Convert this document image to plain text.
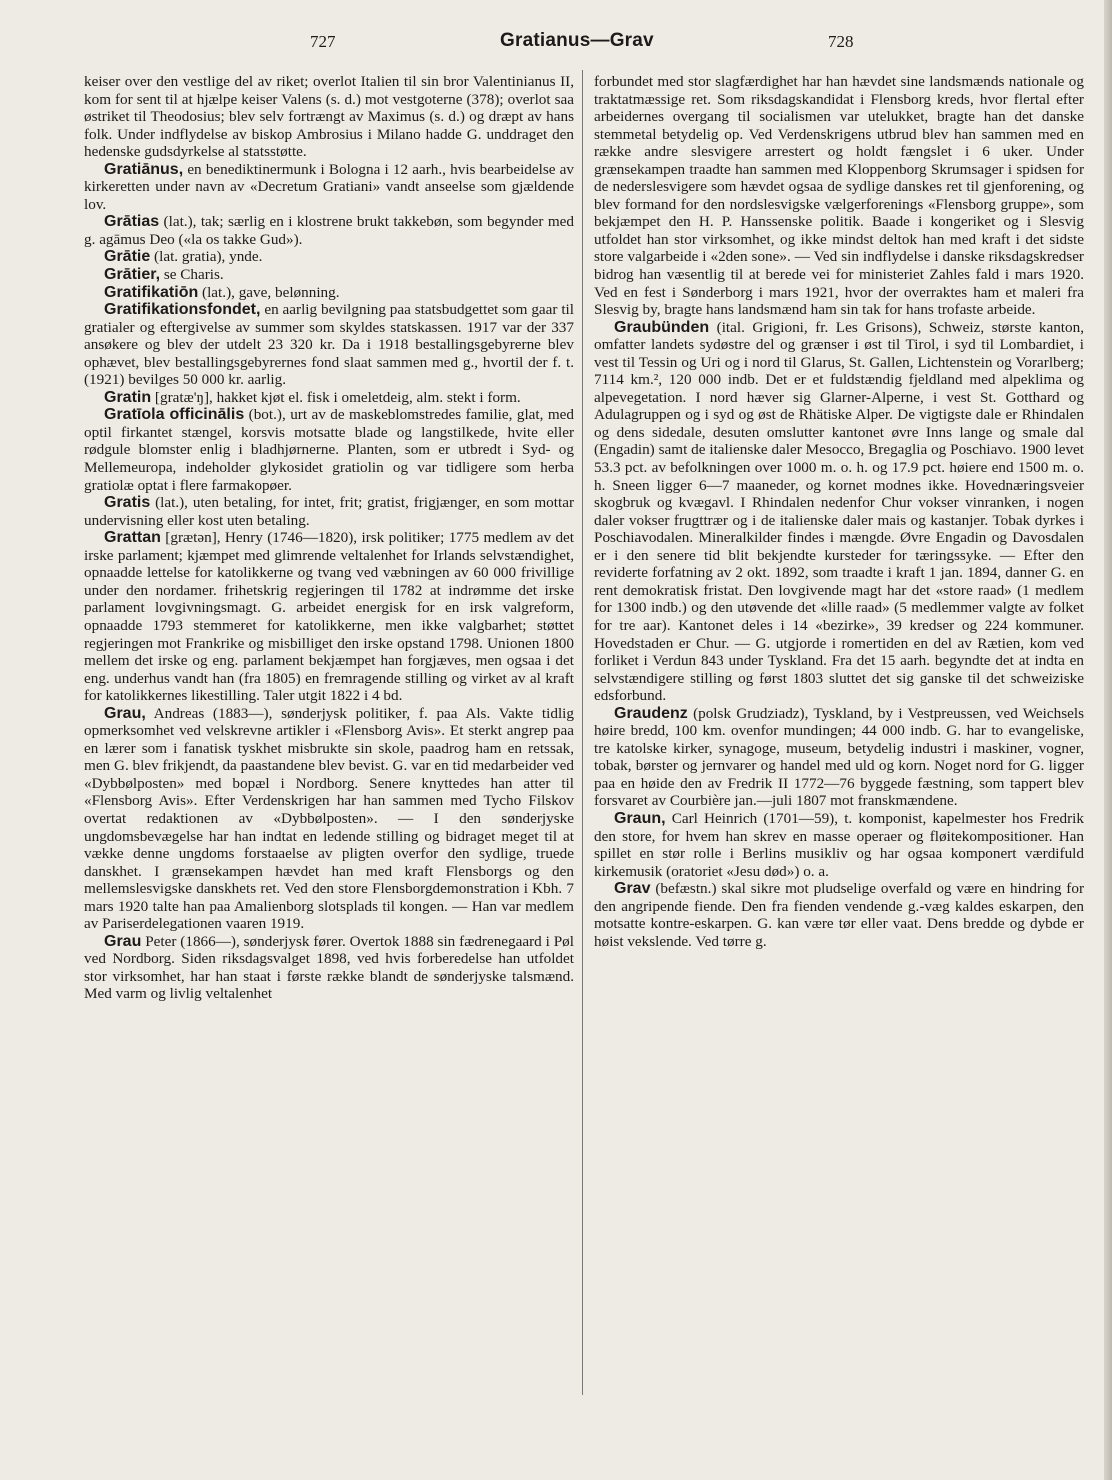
727	Gratianus—Grav	728

keiser over den vestlige del av riket; overlot Italien til sin bror Valentinianus II, kom for sent til at hjælpe keiser Valens (s. d.) mot vestgoterne (378); overlot saa østriket til Theodosius; blev selv fortrængt av Maximus (s. d.) og dræpt av hans folk. Under indflydelse av biskop Ambrosius i Milano hadde G. unddraget den hedenske gudsdyrkelse al statsstøtte.

Gratiānus, en benediktinermunk i Bologna i 12 aarh., hvis bearbeidelse av kirkeretten under navn av «Decretum Gratiani» vandt anseelse som gjældende lov.

Grātias (lat.), tak; særlig en i klostrene brukt takkebøn, som begynder med g. agāmus Deo («la os takke Gud»).

Grātie (lat. gratia), ynde.

Grātier, se Charis.

Gratifikatiōn (lat.), gave, belønning.

Gratifikationsfondet, en aarlig bevilgning paa statsbudgettet som gaar til gratialer og eftergivelse av summer som skyldes statskassen. 1917 var der 337 ansøkere og blev der utdelt 23 320 kr. Da i 1918 bestallingsgebyrerne blev ophævet, blev bestallingsgebyrernes fond slaat sammen med g., hvortil der f. t. (1921) bevilges 50 000 kr. aarlig.

Gratin [gratæ'ŋ], hakket kjøt el. fisk i omeletdeig, alm. stekt i form.

Gratīola officinālis (bot.), urt av de maskeblomstredes familie, glat, med optil firkantet stængel, korsvis motsatte blade og langstilkede, hvite eller rødgule blomster enlig i bladhjørnerne. Planten, som er utbredt i Syd- og Mellemeuropa, indeholder glykosidet gratiolin og var tidligere som herba gratiolæ optat i flere farmakopøer.

Gratis (lat.), uten betaling, for intet, frit; gratist, frigjænger, en som mottar undervisning eller kost uten betaling.

Grattan [grætən], Henry (1746—1820), irsk politiker; 1775 medlem av det irske parlament; kjæmpet med glimrende veltalenhet for Irlands selvstændighet, opnaadde lettelse for katolikkerne og tvang ved væbningen av 60 000 frivillige under den nordamer. frihetskrig regjeringen til 1782 at indrømme det irske parlament lovgivningsmagt. G. arbeidet energisk for en irsk valgreform, opnaadde 1793 stemmeret for katolikkerne, men ikke valgbarhet; støttet regjeringen mot Frankrike og misbilliget den irske opstand 1798. Unionen 1800 mellem det irske og eng. parlament bekjæmpet han forgjæves, men ogsaa i det eng. underhus vandt han (fra 1805) en fremragende stilling og virket av al kraft for katolikkernes likestilling. Taler utgit 1822 i 4 bd.

Grau, Andreas (1883—), sønderjysk politiker, f. paa Als. Vakte tidlig opmerksomhet ved velskrevne artikler i «Flensborg Avis». Et sterkt angrep paa en lærer som i fanatisk tyskhet misbrukte sin skole, paadrog ham en retssak, men G. blev frikjendt, da paastandene blev bevist. G. var en tid medarbeider ved «Dybbølposten» med bopæl i Nordborg. Senere knyttedes han atter til «Flensborg Avis». Efter Verdenskrigen har han sammen med Tycho Filskov overtat redaktionen av «Dybbølposten». — I den sønderjyske ungdomsbevægelse har han indtat en ledende stilling og bidraget meget til at vække denne ungdoms forstaaelse av pligten overfor den sydlige, truede danskhet. I grænsekampen hævdet han med kraft Flensborgs og den mellemslesvigske danskhets ret. Ved den store Flensborgdemonstration i Kbh. 7 mars 1920 talte han paa Amalienborg slotsplads til kongen. — Han var medlem av Pariserdelegationen vaaren 1919.

Grau Peter (1866—), sønderjysk fører. Overtok 1888 sin fædrenegaard i Pøl ved Nordborg. Siden riksdagsvalget 1898, ved hvis forberedelse han utfoldet stor virksomhet, har han staat i første række blandt de sønderjyske talsmænd. Med varm og livlig veltalenhet

forbundet med stor slagfærdighet har han hævdet sine landsmænds nationale og traktatmæssige ret. Som riksdagskandidat i Flensborg kreds, hvor flertal efter arbeidernes overgang til socialismen var utelukket, bragte han det danske stemmetal betydelig op. Ved Verdenskrigens utbrud blev han sammen med en række andre slesvigere arrestert og holdt fængslet i 6 uker. Under grænsekampen traadte han sammen med Kloppenborg Skrumsager i spidsen for de nederslesvigere som hævdet ogsaa de sydlige danskes ret til gjenforening, og blev formand for den nordslesvigske vælgerforenings «Flensborg gruppe», som bekjæmpet den H. P. Hanssenske politik. Baade i kongeriket og i Slesvig utfoldet han stor virksomhet, og ikke mindst deltok han med kraft i det sidste store valgarbeide i «2den sone». — Ved sin indflydelse i danske riksdagskredser bidrog han væsentlig til at berede vei for ministeriet Zahles fald i mars 1920. Ved en fest i Sønderborg i mars 1921, hvor der overraktes ham et maleri fra Slesvig by, bragte hans landsmænd ham sin tak for hans trofaste arbeide.

Graubünden (ital. Grigioni, fr. Les Grisons), Schweiz, største kanton, omfatter landets sydøstre del og grænser i øst til Tirol, i syd til Lombardiet, i vest til Tessin og Uri og i nord til Glarus, St. Gallen, Lichtenstein og Vorarlberg; 7114 km.², 120 000 indb. Det er et fuldstændig fjeldland med alpeklima og alpevegetation. I nord hæver sig Glarner-Alperne, i vest St. Gotthard og Adulagruppen og i syd og øst de Rhätiske Alper. De vigtigste dale er Rhindalen og dens sidedale, desuten omslutter kantonet øvre Inns lange og smale dal (Engadin) samt de italienske daler Mesocco, Bregaglia og Poschiavo. 1900 levet 53.3 pct. av befolkningen over 1000 m. o. h. og 17.9 pct. høiere end 1500 m. o. h. Sneen ligger 6—7 maaneder, og kornet modnes ikke. Hovednæringsveier skogbruk og kvægavl. I Rhindalen nedenfor Chur vokser vinranken, i nogen daler vokser frugttrær og i de italienske daler mais og kastanjer. Tobak dyrkes i Poschiavodalen. Mineralkilder findes i mængde. Øvre Engadin og Davosdalen er i den senere tid blit bekjendte kursteder for tæringssyke. — Efter den reviderte forfatning av 2 okt. 1892, som traadte i kraft 1 jan. 1894, danner G. en rent demokratisk fristat. Den lovgivende magt har det «store raad» (1 medlem for 1300 indb.) og den utøvende det «lille raad» (5 medlemmer valgte av folket for tre aar). Kantonet deles i 14 «bezirke», 39 kredser og 224 kommuner. Hovedstaden er Chur. — G. utgjorde i romertiden en del av Rætien, kom ved forliket i Verdun 843 under Tyskland. Fra det 15 aarh. begyndte det at indta en selvstændigere stilling og først 1803 sluttet det sig ganske til det schweiziske edsforbund.

Graudenz (polsk Grudziadz), Tyskland, by i Vestpreussen, ved Weichsels høire bredd, 100 km. ovenfor mundingen; 44 000 indb. G. har to evangeliske, tre katolske kirker, synagoge, museum, betydelig industri i maskiner, vogner, tobak, børster og jernvarer og handel med uld og korn. Noget nord for G. ligger paa en høide den av Fredrik II 1772—76 byggede fæstning, som tappert blev forsvaret av Courbière jan.—juli 1807 mot franskmændene.

Graun, Carl Heinrich (1701—59), t. komponist, kapelmester hos Fredrik den store, for hvem han skrev en masse operaer og fløitekompositioner. Han spillet en stør rolle i Berlins musikliv og har ogsaa komponert værdifuld kirkemusik (oratoriet «Jesu død») o. a.

Grav (befæstn.) skal sikre mot pludselige overfald og være en hindring for den angripende fiende. Den fra fienden vendende g.-væg kaldes eskarpen, den motsatte kontre-eskarpen. G. kan være tør eller vaat. Dens bredde og dybde er høist vekslende. Ved tørre g.
